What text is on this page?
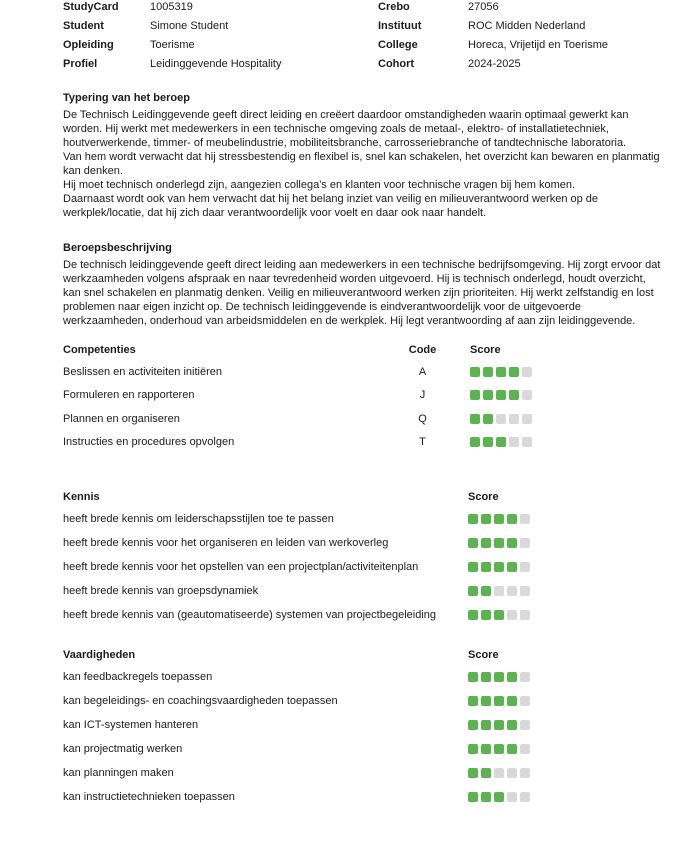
StudyCard	1005319	Crebo	27056
Student	Simone Student	Instituut	ROC Midden Nederland
Opleiding	Toerisme	College	Horeca, Vrijetijd en Toerisme
Profiel	Leidinggevende Hospitality	Cohort	2024-2025

Typering van het beroep

De Technisch Leidinggevende geeft direct leiding en creëert daardoor omstandigheden waarin optimaal gewerkt kan worden. Hij werkt met medewerkers in een technische omgeving zoals de metaal-, elektro- of installatietechniek, houtverwerkende, timmer- of meubelindustrie, mobiliteitsbranche, carrosseriebranche of tandtechnische laboratoria.

Van hem wordt verwacht dat hij stressbestendig en flexibel is, snel kan schakelen, het overzicht kan bewaren en planmatig kan denken.

Hij moet technisch onderlegd zijn, aangezien collega's en klanten voor technische vragen bij hem komen.

Daarnaast wordt ook van hem verwacht dat hij het belang inziet van veilig en milieuverantwoord werken op de werkplek/locatie, dat hij zich daar verantwoordelijk voor voelt en daar ook naar handelt.

Beroepsbeschrijving

De technisch leidinggevende geeft direct leiding aan medewerkers in een technische bedrijfsomgeving. Hij zorgt ervoor dat werkzaamheden volgens afspraak en naar tevredenheid worden uitgevoerd. Hij is technisch onderlegd, houdt overzicht, kan snel schakelen en planmatig denken. Veilig en milieuverantwoord werken zijn prioriteiten. Hij werkt zelfstandig en lost problemen naar eigen inzicht op. De technisch leidinggevende is eindverantwoordelijk voor de uitgevoerde werkzaamheden, onderhoud van arbeidsmiddelen en de werkplek. Hij legt verantwoording af aan zijn leidinggevende.

Competenties	Code	Score
Beslissen en activiteiten initiëren	A
Formuleren en rapporteren	J
Plannen en organiseren	Q
Instructies en procedures opvolgen	T
Kennis	Score
heeft brede kennis om leiderschapsstijlen toe te passen
heeft brede kennis voor het organiseren en leiden van werkoverleg
heeft brede kennis voor het opstellen van een projectplan/activiteitenplan
heeft brede kennis van groepsdynamiek
heeft brede kennis van (geautomatiseerde) systemen van projectbegeleiding
Vaardigheden	Score
kan feedbackregels toepassen
kan begeleidings- en coachingsvaardigheden toepassen
kan ICT-systemen hanteren
kan projectmatig werken
kan planningen maken
kan instructietechnieken toepassen
